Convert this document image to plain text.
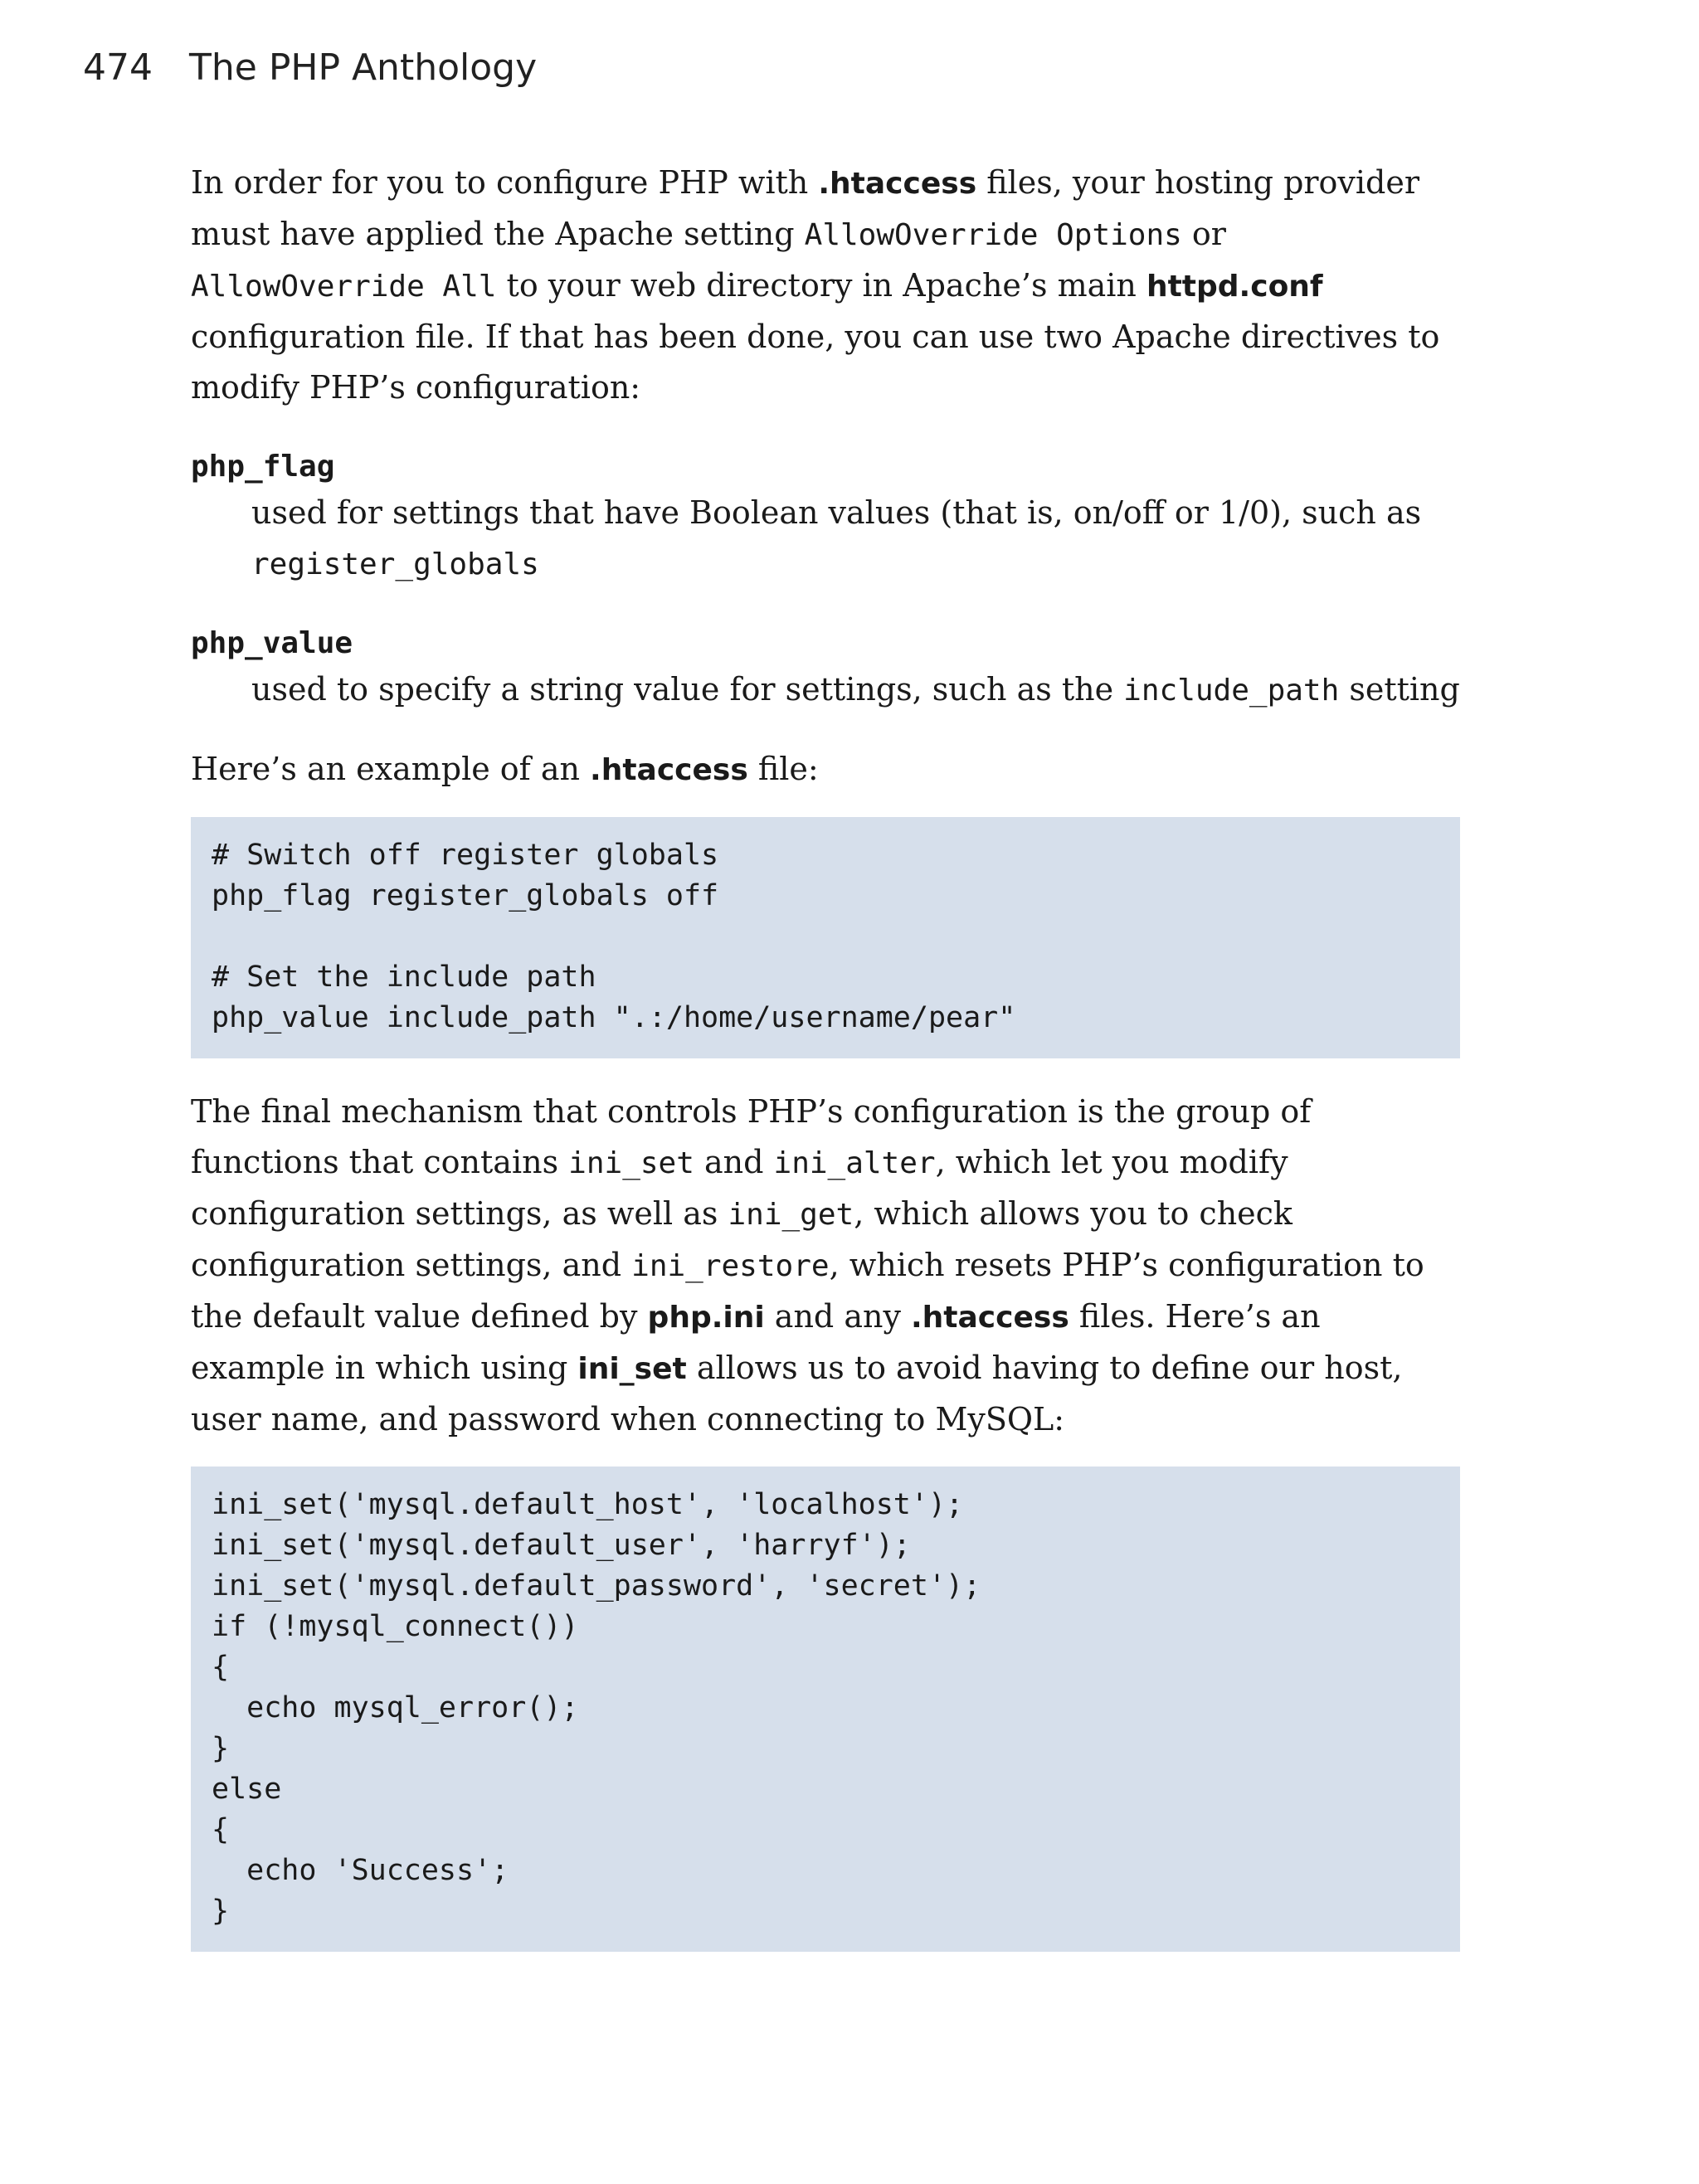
474 The PHP Anthology

In order for you to configure PHP with .htaccess files, your hosting provider must have applied the Apache setting AllowOverride Options or AllowOverride All to your web directory in Apache’s main httpd.conf configuration file. If that has been done, you can use two Apache directives to modify PHP’s configuration:

php_flag

used for settings that have Boolean values (that is, on/off or 1/0), such as register_globals

php_value

used to specify a string value for settings, such as the include_path setting

Here’s an example of an .htaccess file:

# Switch off register globals
php_flag register_globals off

# Set the include path
php_value include_path ".:/home/username/pear"

The final mechanism that controls PHP’s configuration is the group of functions that contains ini_set and ini_alter, which let you modify configuration settings, as well as ini_get, which allows you to check configuration settings, and ini_restore, which resets PHP’s configuration to the default value defined by php.ini and any .htaccess files. Here’s an example in which using ini_set allows us to avoid having to define our host, user name, and password when connecting to MySQL:

ini_set('mysql.default_host', 'localhost');
ini_set('mysql.default_user', 'harryf');
ini_set('mysql.default_password', 'secret');
if (!mysql_connect())
{
echo mysql_error();
}
else
{
echo 'Success';
}
